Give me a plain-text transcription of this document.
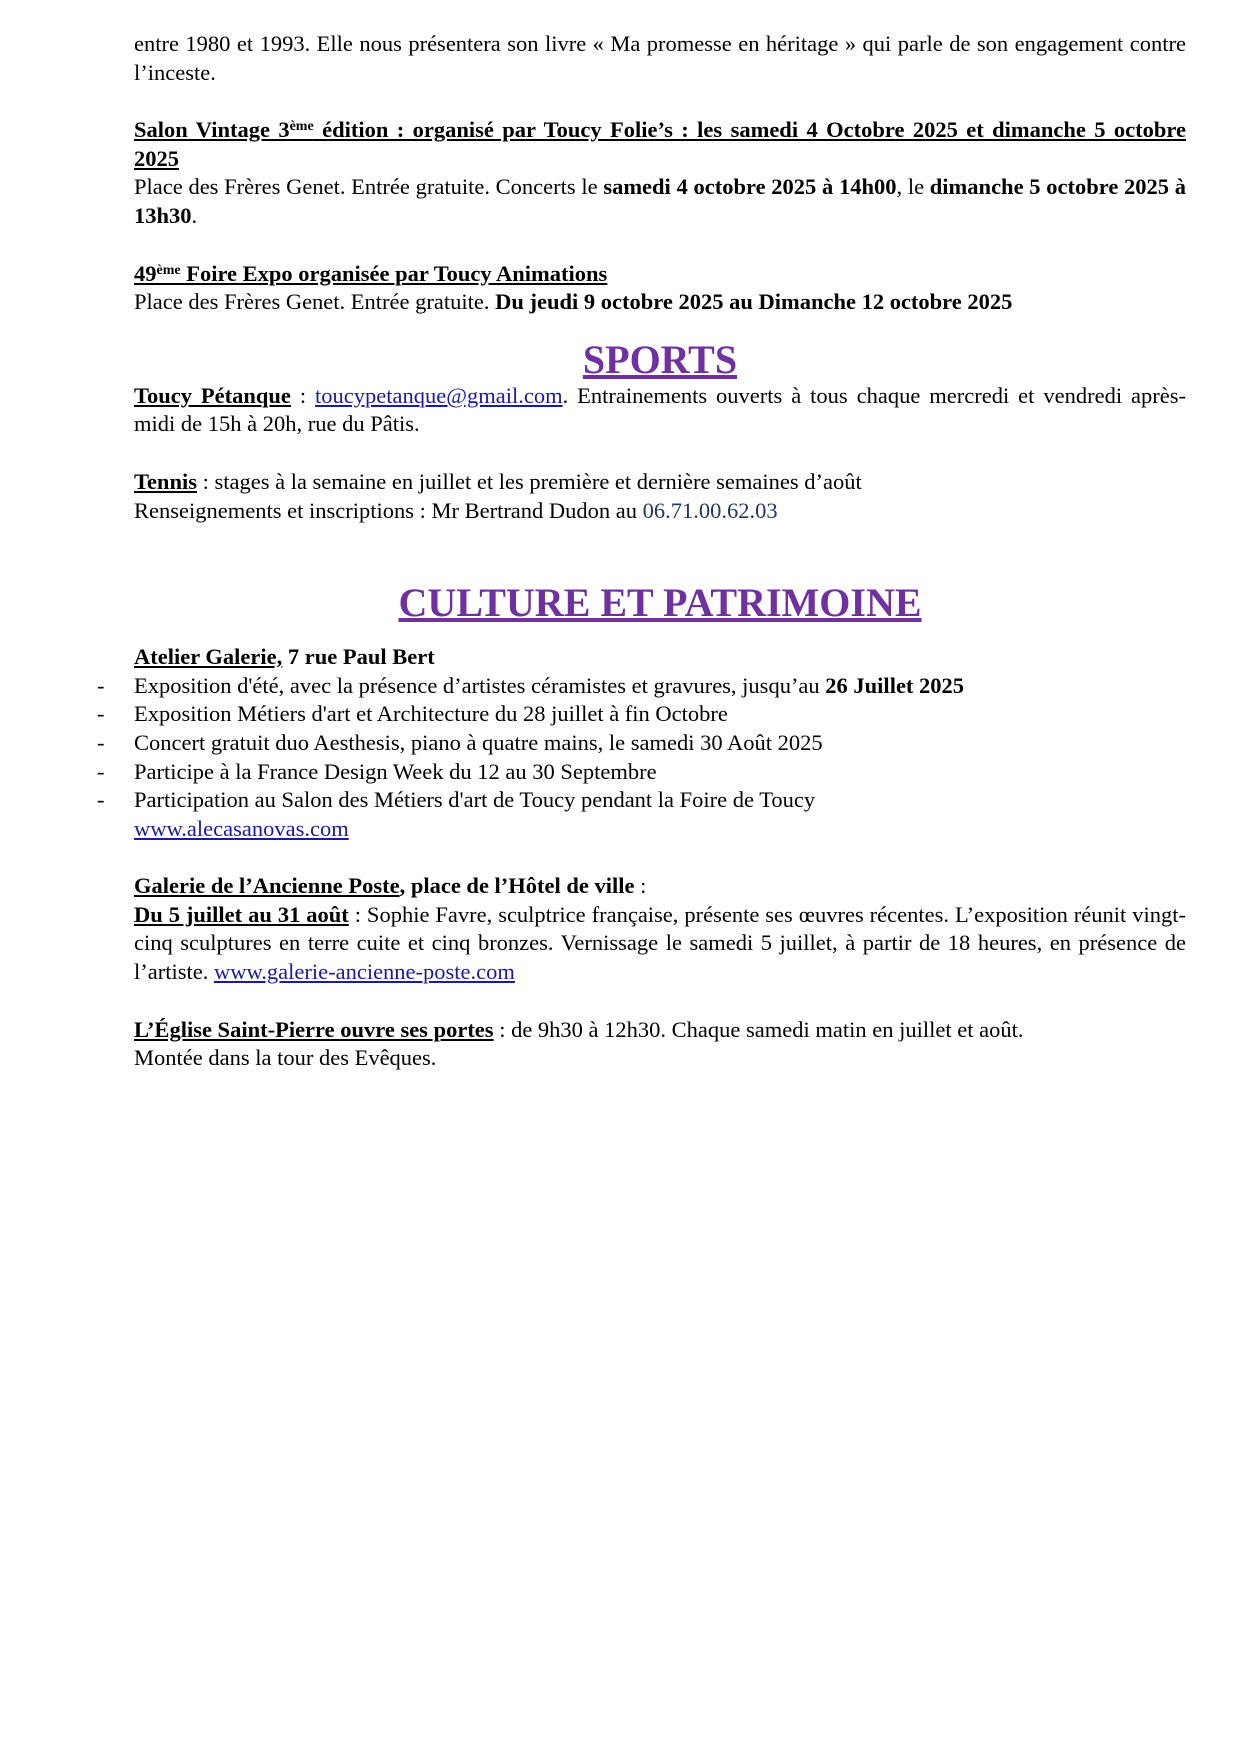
entre 1980 et 1993. Elle nous présentera son livre « Ma promesse en héritage » qui parle de son engagement contre l’inceste.

Salon Vintage 3ème édition : organisé par Toucy Folie’s : les samedi 4 Octobre 2025 et dimanche 5 octobre 2025

Place des Frères Genet. Entrée gratuite. Concerts le samedi 4 octobre 2025 à 14h00, le dimanche 5 octobre 2025 à 13h30.

49ème Foire Expo organisée par Toucy Animations

Place des Frères Genet. Entrée gratuite. Du jeudi 9 octobre 2025 au Dimanche 12 octobre 2025

SPORTS

Toucy Pétanque : toucypetanque@gmail.com. Entrainements ouverts à tous chaque mercredi et vendredi après-midi de 15h à 20h, rue du Pâtis.

Tennis : stages à la semaine en juillet et les première et dernière semaines d’août

Renseignements et inscriptions : Mr Bertrand Dudon au 06.71.00.62.03

CULTURE ET PATRIMOINE

Atelier Galerie, 7 rue Paul Bert

- Exposition d'été, avec la présence d’artistes céramistes et gravures, jusqu’au 26 Juillet 2025
- Exposition Métiers d'art et Architecture du 28 juillet à fin Octobre
- Concert gratuit duo Aesthesis, piano à quatre mains, le samedi 30 Août 2025
- Participe à la France Design Week du 12 au 30 Septembre
- Participation au Salon des Métiers d'art de Toucy pendant la Foire de Toucy

www.alecasanovas.com

Galerie de l’Ancienne Poste, place de l’Hôtel de ville :

Du 5 juillet au 31 août : Sophie Favre, sculptrice française, présente ses œuvres récentes. L’exposition réunit vingt-cinq sculptures en terre cuite et cinq bronzes. Vernissage le samedi 5 juillet, à partir de 18 heures, en présence de l’artiste. www.galerie-ancienne-poste.com

L’Église Saint-Pierre ouvre ses portes : de 9h30 à 12h30. Chaque samedi matin en juillet et août.

Montée dans la tour des Evêques.
